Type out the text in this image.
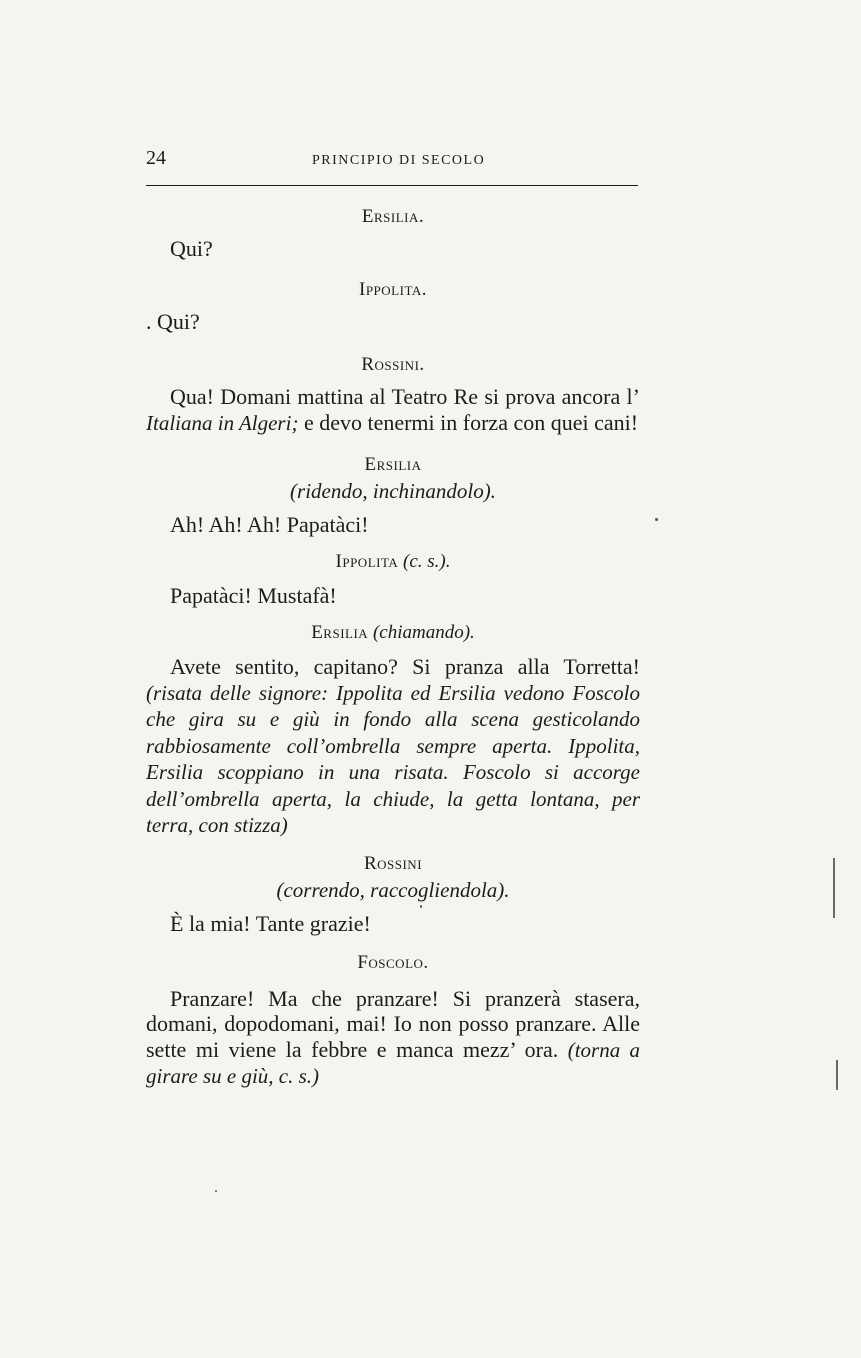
24	PRINCIPIO DI SECOLO

Ersilia.

Qui?

Ippolita.

. Qui?

Rossini.

Qua! Domani mattina al Teatro Re si prova ancora l’ Italiana in Algeri; e devo tenermi in forza con quei cani!

Ersilia

(ridendo, inchinandolo).

Ah! Ah! Ah! Papatàci!

Ippolita (c. s.).

Papatàci! Mustafà!

Ersilia (chiamando).

Avete sentito, capitano? Si pranza alla Torretta! (risata delle signore: Ippolita ed Ersilia vedono Foscolo che gira su e giù in fondo alla scena gesticolando rabbiosamente coll’ombrella sempre aperta. Ippolita, Ersilia scoppiano in una risata. Foscolo si accorge dell’ombrella aperta, la chiude, la getta lontana, per terra, con stizza)

Rossini

(correndo, raccogliendola).

È la mia! Tante grazie!

Foscolo.

Pranzare! Ma che pranzare! Si pranzerà stasera, domani, dopodomani, mai! Io non posso pranzare. Alle sette mi viene la febbre e manca mezz’ ora. (torna a girare su e giù, c. s.)
